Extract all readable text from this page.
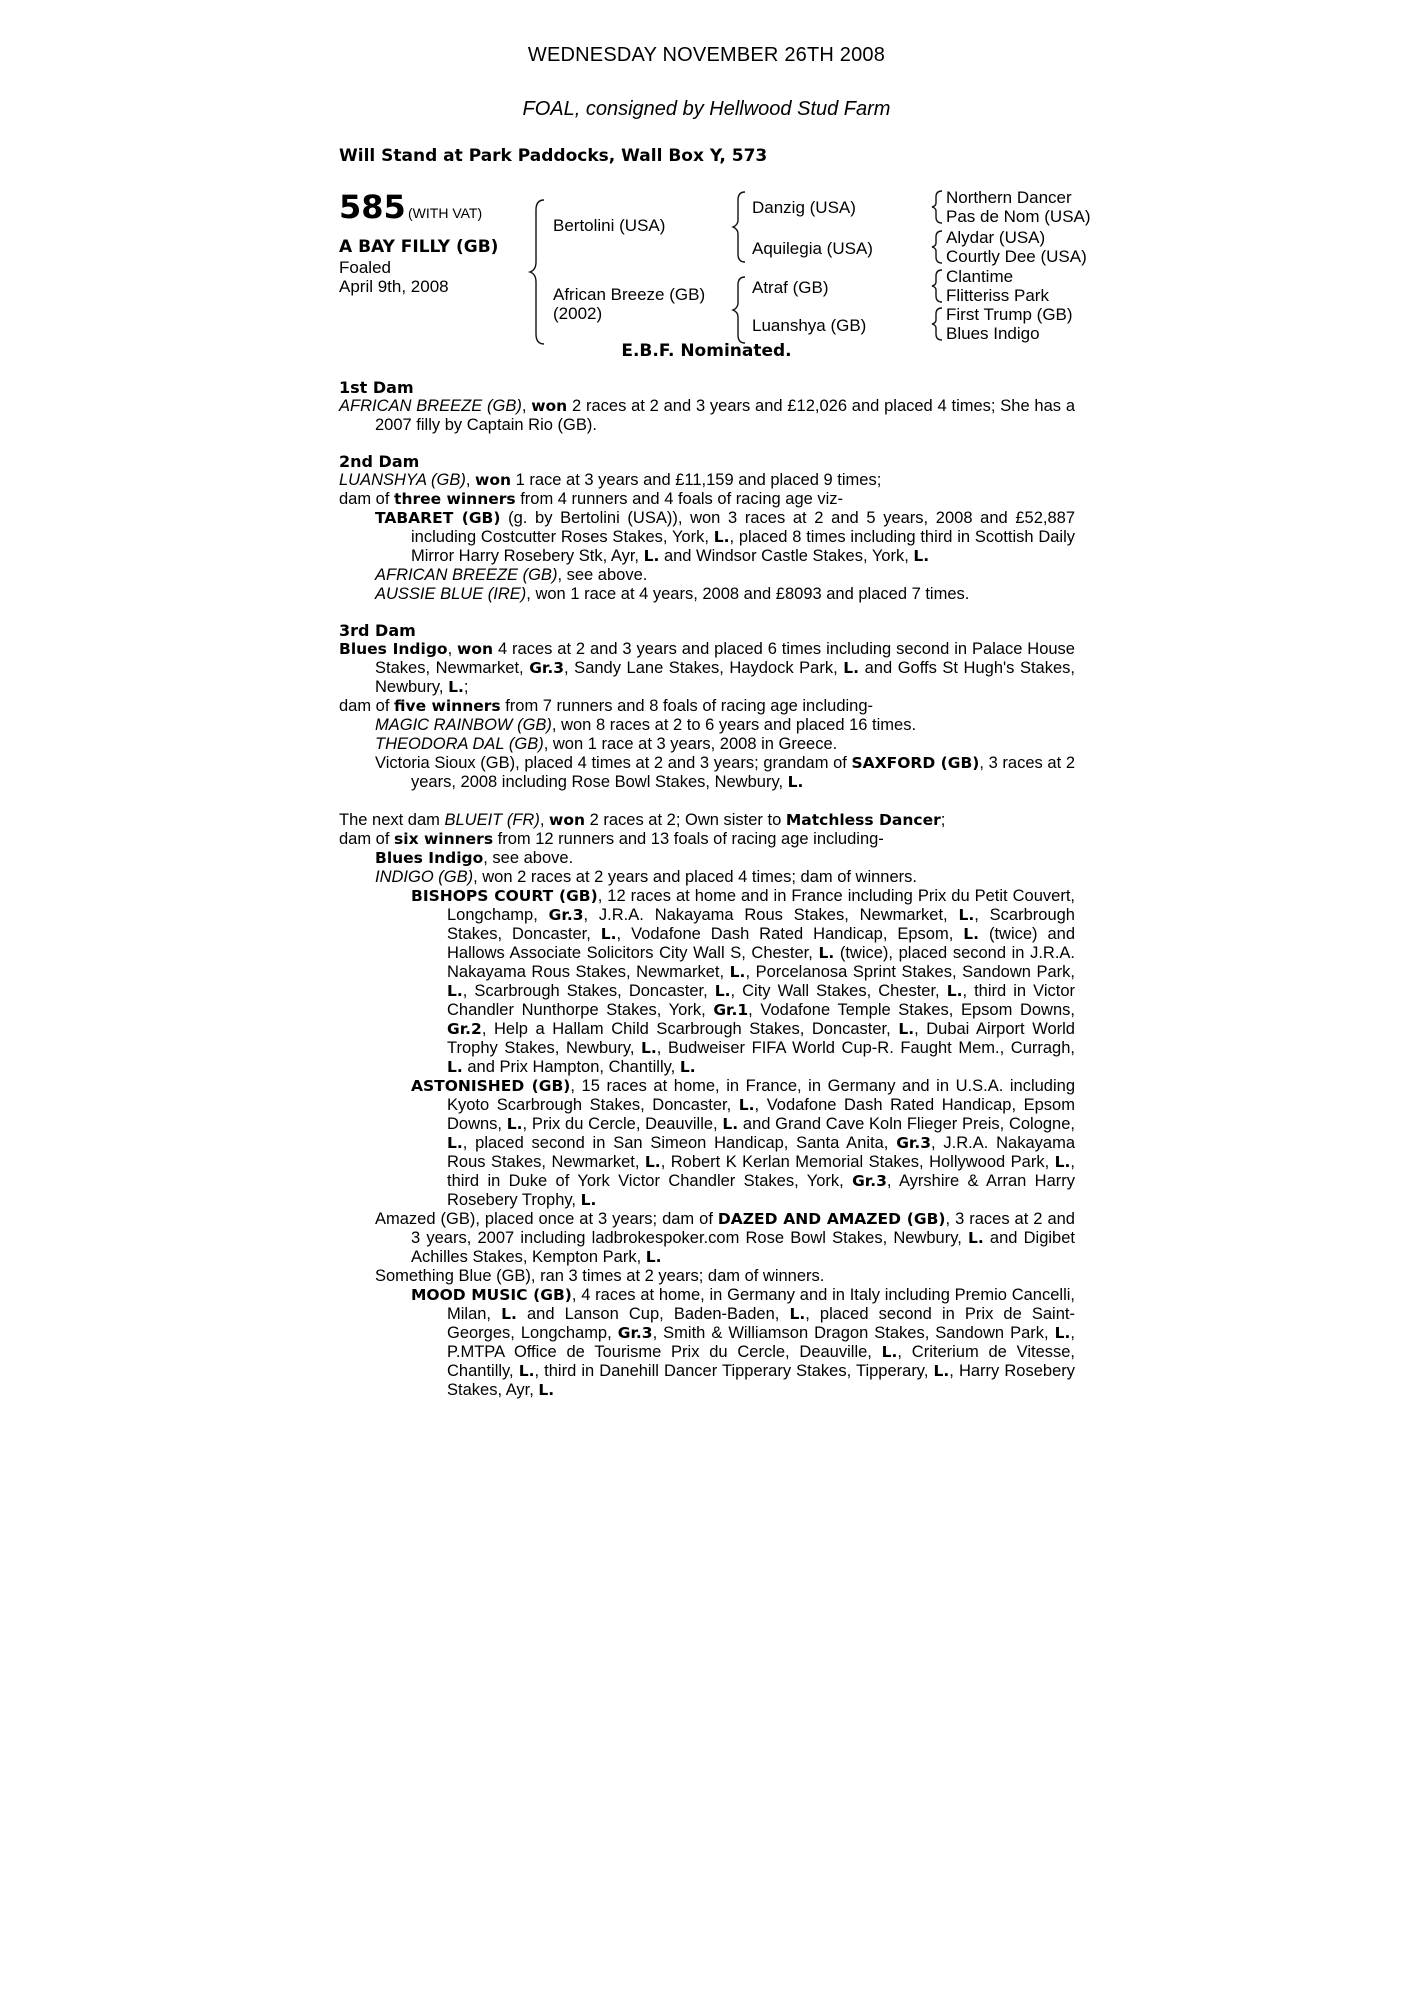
WEDNESDAY NOVEMBER 26TH 2008
FOAL, consigned by Hellwood Stud Farm
Will Stand at Park Paddocks, Wall Box Y, 573
585 (WITH VAT)
A BAY FILLY (GB)
Foaled
April 9th, 2008
Bertolini (USA)
African Breeze (GB)
(2002)
Danzig (USA)
Aquilegia (USA)
Atraf (GB)
Luanshya (GB)
Northern Dancer
Pas de Nom (USA)
Alydar (USA)
Courtly Dee (USA)
Clantime
Flitteriss Park
First Trump (GB)
Blues Indigo
E.B.F. Nominated.
1st Dam
AFRICAN BREEZE (GB), won 2 races at 2 and 3 years and £12,026 and placed 4 times; She has a 2007 filly by Captain Rio (GB).
2nd Dam
LUANSHYA (GB), won 1 race at 3 years and £11,159 and placed 9 times;
dam of three winners from 4 runners and 4 foals of racing age viz-
TABARET (GB) (g. by Bertolini (USA)), won 3 races at 2 and 5 years, 2008 and £52,887 including Costcutter Roses Stakes, York, L., placed 8 times including third in Scottish Daily Mirror Harry Rosebery Stk, Ayr, L. and Windsor Castle Stakes, York, L.
AFRICAN BREEZE (GB), see above.
AUSSIE BLUE (IRE), won 1 race at 4 years, 2008 and £8093 and placed 7 times.
3rd Dam
Blues Indigo, won 4 races at 2 and 3 years and placed 6 times including second in Palace House Stakes, Newmarket, Gr.3, Sandy Lane Stakes, Haydock Park, L. and Goffs St Hugh's Stakes, Newbury, L.;
dam of five winners from 7 runners and 8 foals of racing age including-
MAGIC RAINBOW (GB), won 8 races at 2 to 6 years and placed 16 times.
THEODORA DAL (GB), won 1 race at 3 years, 2008 in Greece.
Victoria Sioux (GB), placed 4 times at 2 and 3 years; grandam of SAXFORD (GB), 3 races at 2 years, 2008 including Rose Bowl Stakes, Newbury, L.
The next dam BLUEIT (FR), won 2 races at 2; Own sister to Matchless Dancer;
dam of six winners from 12 runners and 13 foals of racing age including-
Blues Indigo, see above.
INDIGO (GB), won 2 races at 2 years and placed 4 times; dam of winners.
BISHOPS COURT (GB), 12 races at home and in France including Prix du Petit Couvert, Longchamp, Gr.3, J.R.A. Nakayama Rous Stakes, Newmarket, L., Scarbrough Stakes, Doncaster, L., Vodafone Dash Rated Handicap, Epsom, L. (twice) and Hallows Associate Solicitors City Wall S, Chester, L. (twice), placed second in J.R.A. Nakayama Rous Stakes, Newmarket, L., Porcelanosa Sprint Stakes, Sandown Park, L., Scarbrough Stakes, Doncaster, L., City Wall Stakes, Chester, L., third in Victor Chandler Nunthorpe Stakes, York, Gr.1, Vodafone Temple Stakes, Epsom Downs, Gr.2, Help a Hallam Child Scarbrough Stakes, Doncaster, L., Dubai Airport World Trophy Stakes, Newbury, L., Budweiser FIFA World Cup-R. Faught Mem., Curragh, L. and Prix Hampton, Chantilly, L.
ASTONISHED (GB), 15 races at home, in France, in Germany and in U.S.A. including Kyoto Scarbrough Stakes, Doncaster, L., Vodafone Dash Rated Handicap, Epsom Downs, L., Prix du Cercle, Deauville, L. and Grand Cave Koln Flieger Preis, Cologne, L., placed second in San Simeon Handicap, Santa Anita, Gr.3, J.R.A. Nakayama Rous Stakes, Newmarket, L., Robert K Kerlan Memorial Stakes, Hollywood Park, L., third in Duke of York Victor Chandler Stakes, York, Gr.3, Ayrshire & Arran Harry Rosebery Trophy, L.
Amazed (GB), placed once at 3 years; dam of DAZED AND AMAZED (GB), 3 races at 2 and 3 years, 2007 including ladbrokespoker.com Rose Bowl Stakes, Newbury, L. and Digibet Achilles Stakes, Kempton Park, L.
Something Blue (GB), ran 3 times at 2 years; dam of winners.
MOOD MUSIC (GB), 4 races at home, in Germany and in Italy including Premio Cancelli, Milan, L. and Lanson Cup, Baden-Baden, L., placed second in Prix de Saint-Georges, Longchamp, Gr.3, Smith & Williamson Dragon Stakes, Sandown Park, L., P.MTPA Office de Tourisme Prix du Cercle, Deauville, L., Criterium de Vitesse, Chantilly, L., third in Danehill Dancer Tipperary Stakes, Tipperary, L., Harry Rosebery Stakes, Ayr, L.
